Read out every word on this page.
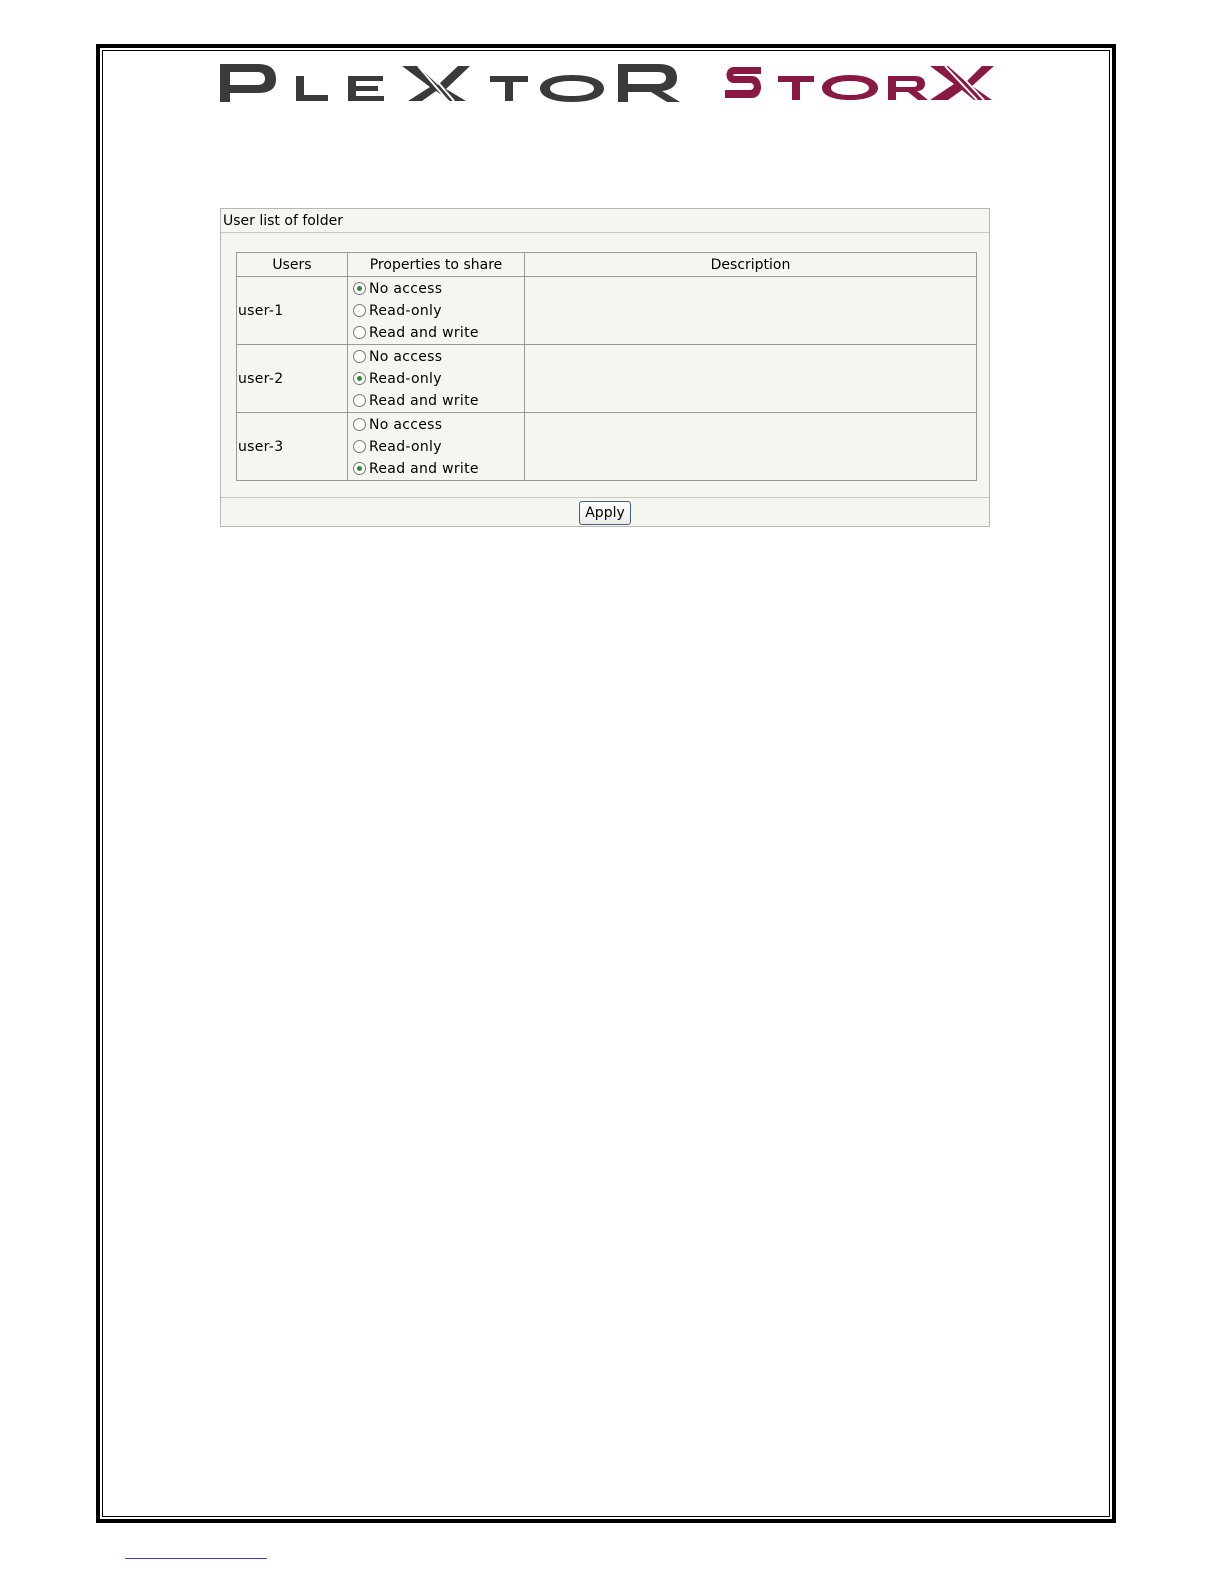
User list of folder
Users	Properties to share	Description
user-1	No access
Read-only
Read and write	

user-2	No access
Read-only
Read and write	

user-3	No access
Read-only
Read and write	

Apply
